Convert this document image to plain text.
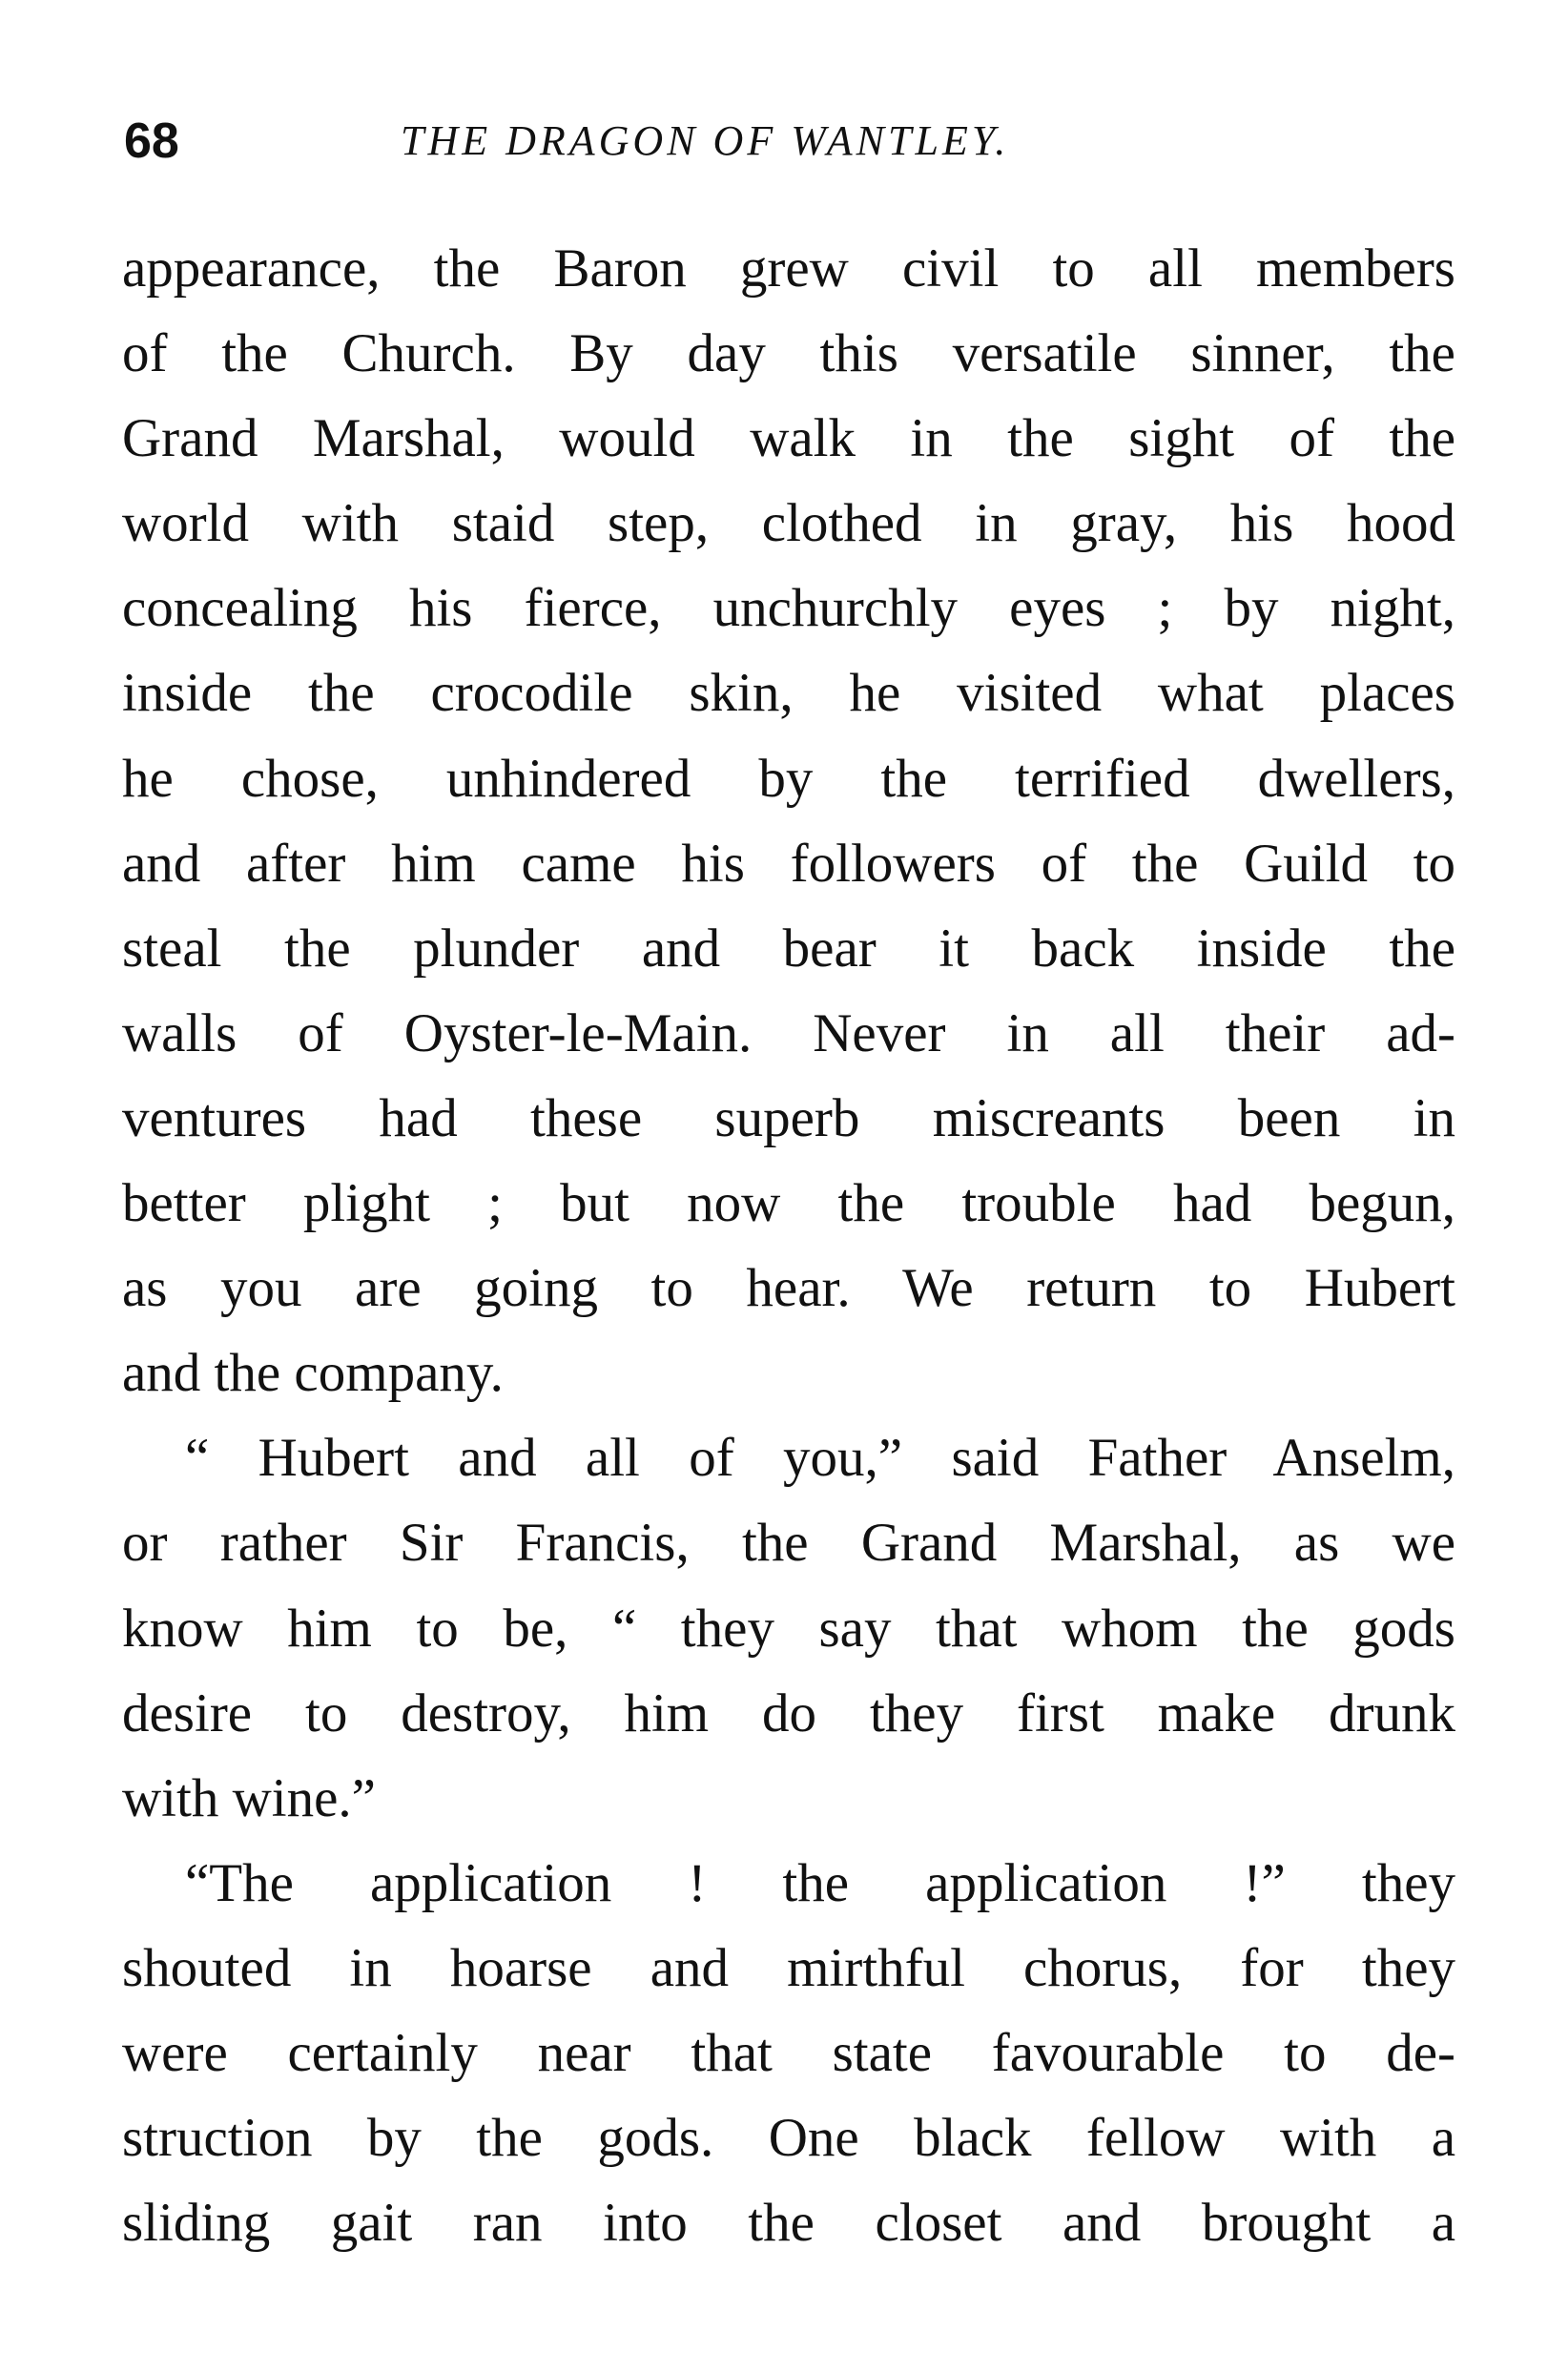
68	THE DRAGON OF WANTLEY.
appearance, the Baron grew civil to all members
of the Church. By day this versatile sinner, the
Grand Marshal, would walk in the sight of the
world with staid step, clothed in gray, his hood
concealing his fierce, unchurchly eyes ; by night,
inside the crocodile skin, he visited what places
he chose, unhindered by the terrified dwellers,
and after him came his followers of the Guild to
steal the plunder and bear it back inside the
walls of Oyster-le-Main. Never in all their ad-
ventures had these superb miscreants been in
better plight ; but now the trouble had begun,
as you are going to hear. We return to Hubert
and the company.
“ Hubert and all of you,” said Father Anselm,
or rather Sir Francis, the Grand Marshal, as we
know him to be, “ they say that whom the gods
desire to destroy, him do they first make drunk
with wine.”
“The application ! the application !” they
shouted in hoarse and mirthful chorus, for they
were certainly near that state favourable to de-
struction by the gods. One black fellow with a
sliding gait ran into the closet and brought a
